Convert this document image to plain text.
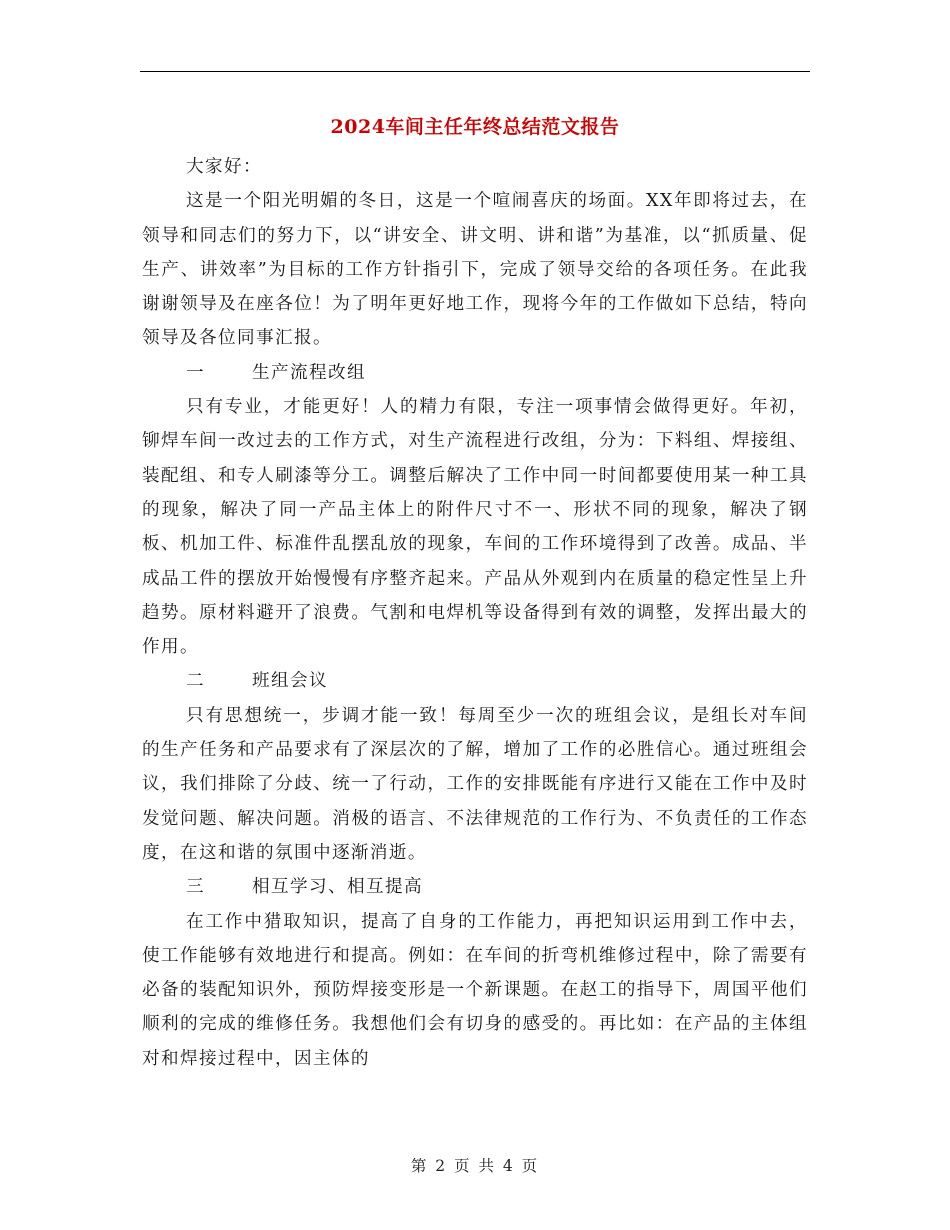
2024车间主任年终总结范文报告

大家好：

这是一个阳光明媚的冬日，这是一个喧闹喜庆的场面。XX年即将过去，在领导和同志们的努力下，以“讲安全、讲文明、讲和谐”为基准，以“抓质量、促生产、讲效率”为目标的工作方针指引下，完成了领导交给的各项任务。在此我谢谢领导及在座各位！为了明年更好地工作，现将今年的工作做如下总结，特向领导及各位同事汇报。

一	生产流程改组

只有专业，才能更好！人的精力有限，专注一项事情会做得更好。年初，铆焊车间一改过去的工作方式，对生产流程进行改组，分为：下料组、焊接组、装配组、和专人刷漆等分工。调整后解决了工作中同一时间都要使用某一种工具的现象，解决了同一产品主体上的附件尺寸不一、形状不同的现象，解决了钢板、机加工件、标准件乱摆乱放的现象，车间的工作环境得到了改善。成品、半成品工件的摆放开始慢慢有序整齐起来。产品从外观到内在质量的稳定性呈上升趋势。原材料避开了浪费。气割和电焊机等设备得到有效的调整，发挥出最大的作用。

二	班组会议

只有思想统一，步调才能一致！每周至少一次的班组会议，是组长对车间的生产任务和产品要求有了深层次的了解，增加了工作的必胜信心。通过班组会议，我们排除了分歧、统一了行动，工作的安排既能有序进行又能在工作中及时发觉问题、解决问题。消极的语言、不法律规范的工作行为、不负责任的工作态度，在这和谐的氛围中逐渐消逝。

三	相互学习、相互提高

在工作中猎取知识，提高了自身的工作能力，再把知识运用到工作中去，使工作能够有效地进行和提高。例如：在车间的折弯机维修过程中，除了需要有必备的装配知识外，预防焊接变形是一个新课题。在赵工的指导下，周国平他们顺利的完成的维修任务。我想他们会有切身的感受的。再比如：在产品的主体组对和焊接过程中，因主体的

第 2 页 共 4 页
